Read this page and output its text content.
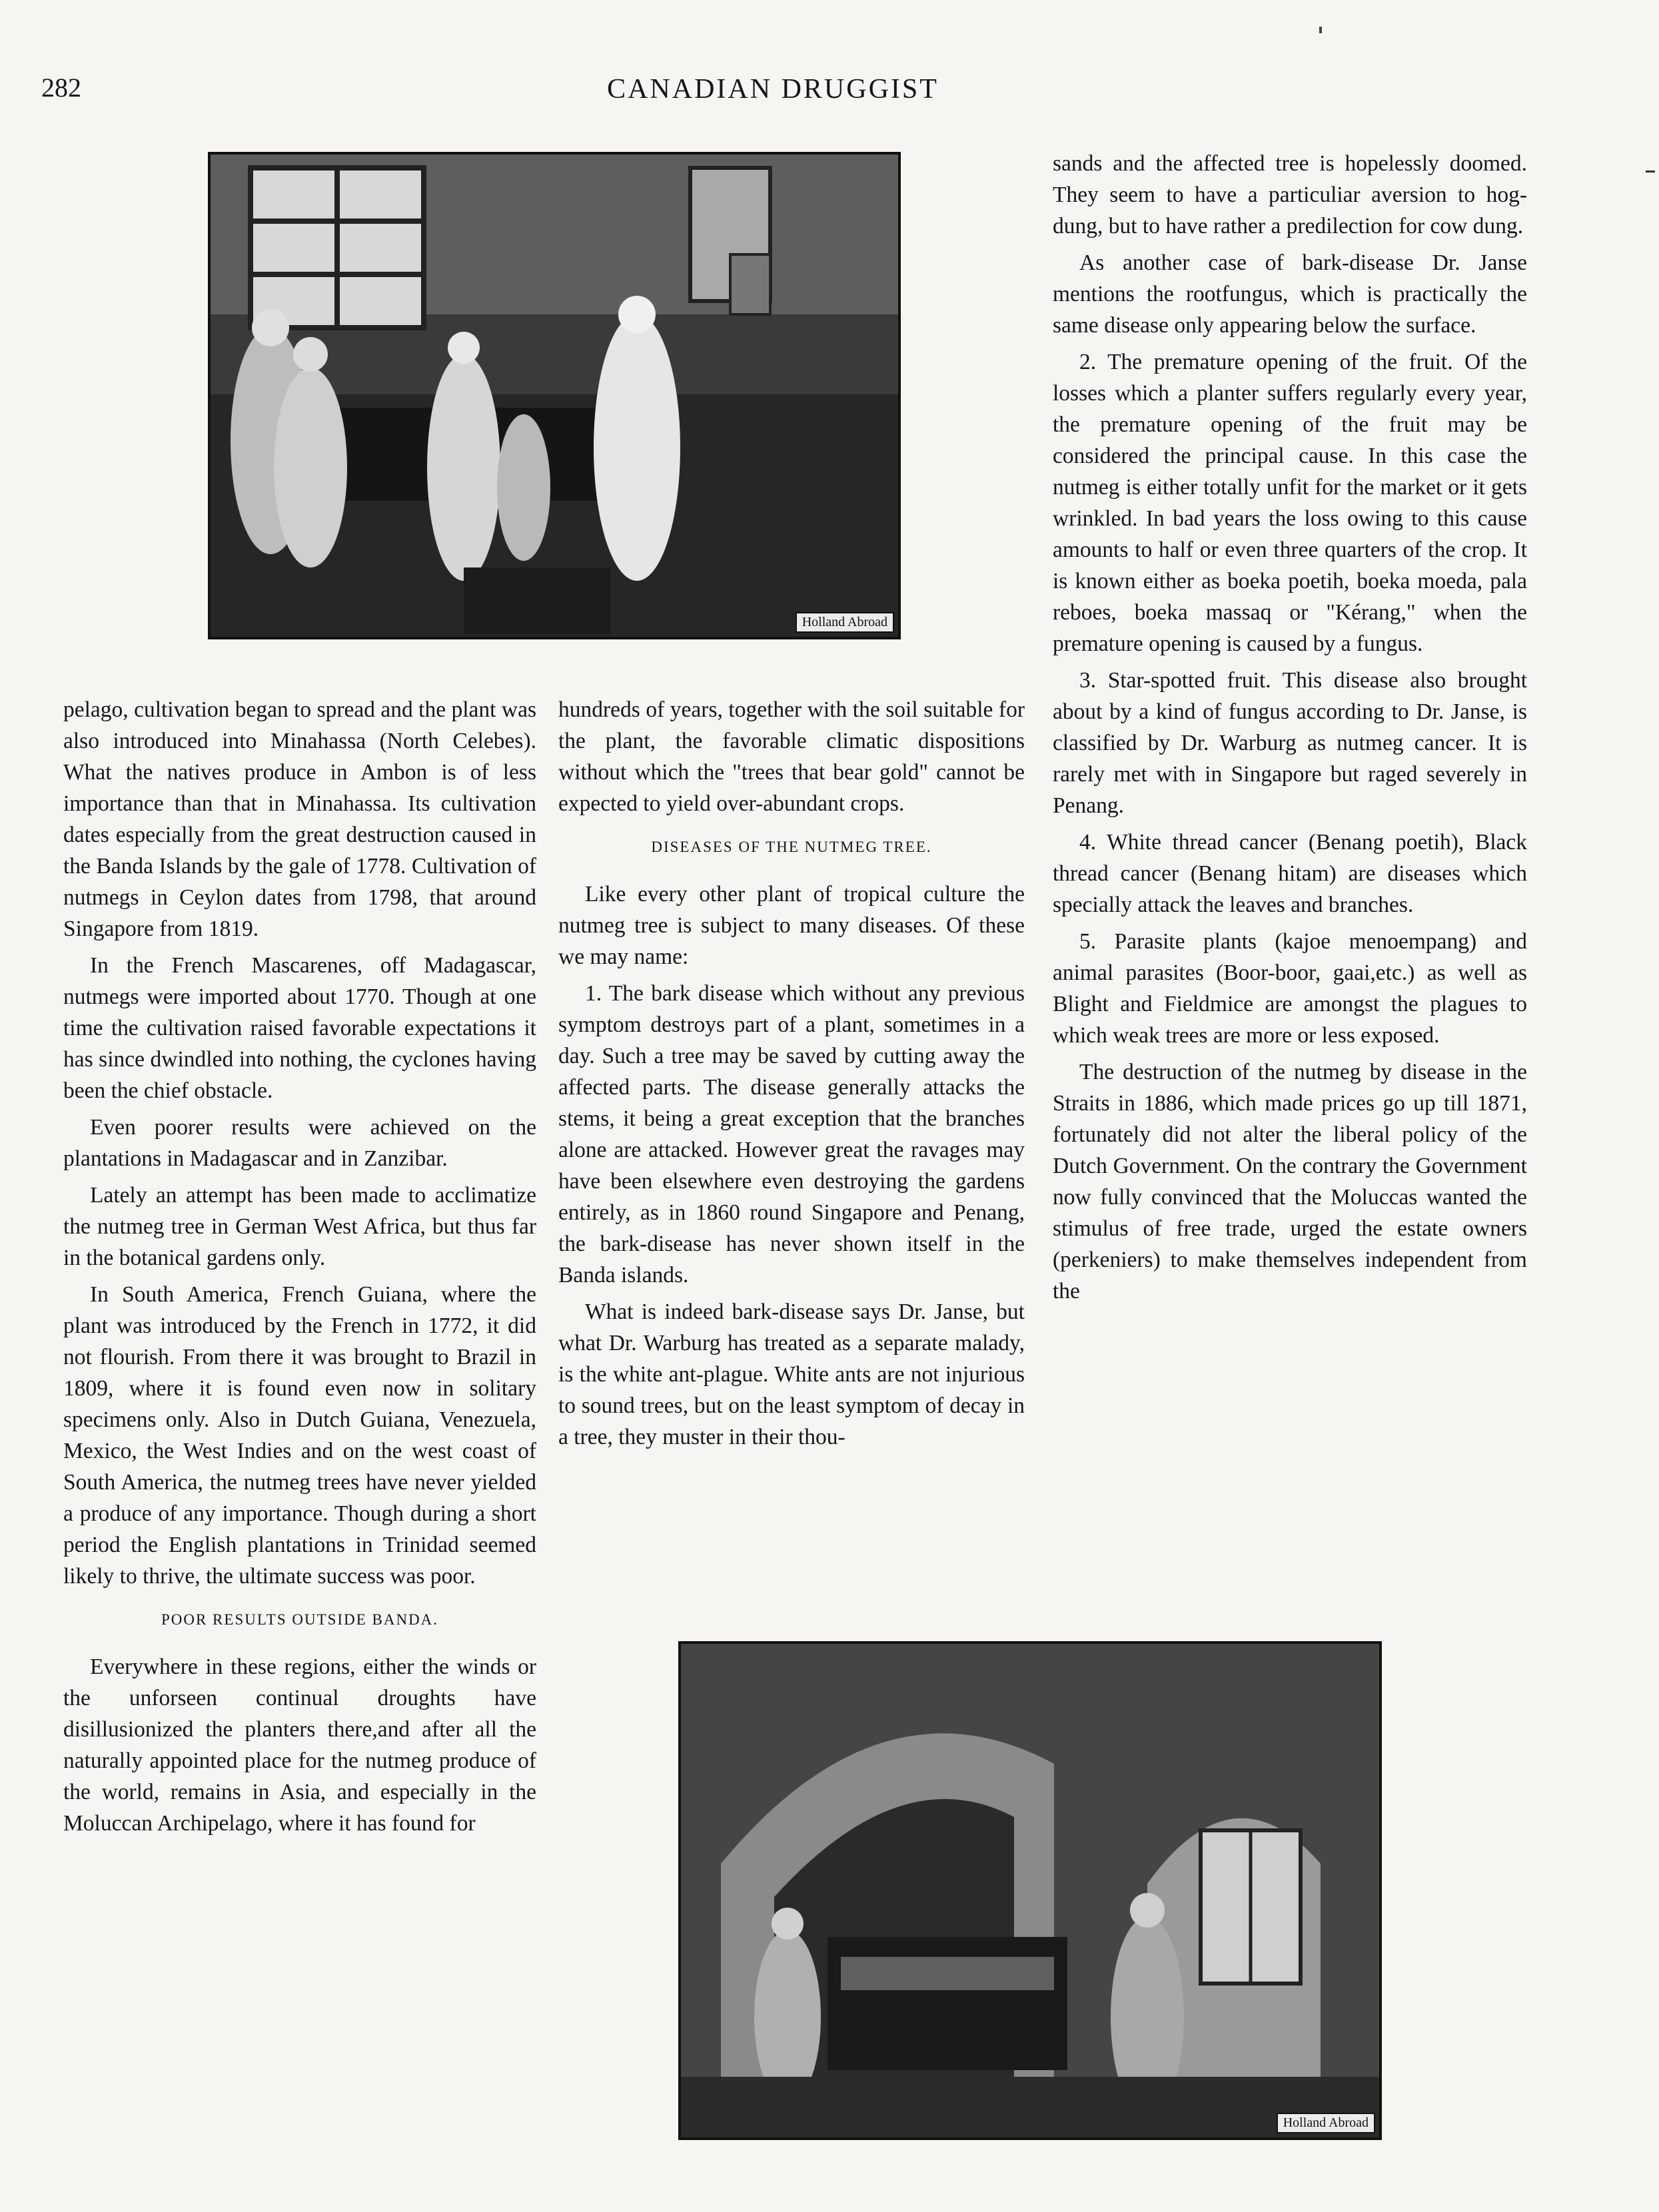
282	CANADIAN DRUGGIST
Holland Abroad

pelago, cultivation began to spread and the plant was also introduced into Minahassa (North Celebes). What the natives produce in Ambon is of less importance than that in Minahassa. Its cultivation dates especially from the great destruction caused in the Banda Islands by the gale of 1778. Cultivation of nutmegs in Ceylon dates from 1798, that around Singapore from 1819.

In the French Mascarenes, off Madagascar, nutmegs were imported about 1770. Though at one time the cultivation raised favorable expectations it has since dwindled into nothing, the cyclones having been the chief obstacle.

Even poorer results were achieved on the plantations in Madagascar and in Zanzibar.

Lately an attempt has been made to acclimatize the nutmeg tree in German West Africa, but thus far in the botanical gardens only.

In South America, French Guiana, where the plant was introduced by the French in 1772, it did not flourish. From there it was brought to Brazil in 1809, where it is found even now in solitary specimens only. Also in Dutch Guiana, Venezuela, Mexico, the West Indies and on the west coast of South America, the nutmeg trees have never yielded a produce of any importance. Though during a short period the English plantations in Trinidad seemed likely to thrive, the ultimate success was poor.

POOR RESULTS OUTSIDE BANDA.

Everywhere in these regions, either the winds or the unforseen continual droughts have disillusionized the planters there,and after all the naturally appointed place for the nutmeg produce of the world, remains in Asia, and especially in the Moluccan Archipelago, where it has found for

hundreds of years, together with the soil suitable for the plant, the favorable climatic dispositions without which the "trees that bear gold" cannot be expected to yield over-abundant crops.

DISEASES OF THE NUTMEG TREE.

Like every other plant of tropical culture the nutmeg tree is subject to many diseases. Of these we may name:

1. The bark disease which without any previous symptom destroys part of a plant, sometimes in a day. Such a tree may be saved by cutting away the affected parts. The disease generally attacks the stems, it being a great exception that the branches alone are attacked. However great the ravages may have been elsewhere even destroying the gardens entirely, as in 1860 round Singapore and Penang, the bark-disease has never shown itself in the Banda islands.

What is indeed bark-disease says Dr. Janse, but what Dr. Warburg has treated as a separate malady, is the white ant-plague. White ants are not injurious to sound trees, but on the least symptom of decay in a tree, they muster in their thou-

sands and the affected tree is hopelessly doomed. They seem to have a particuliar aversion to hog-dung, but to have rather a predilection for cow dung.

As another case of bark-disease Dr. Janse mentions the rootfungus, which is practically the same disease only appearing below the surface.

2. The premature opening of the fruit. Of the losses which a planter suffers regularly every year, the premature opening of the fruit may be considered the principal cause. In this case the nutmeg is either totally unfit for the market or it gets wrinkled. In bad years the loss owing to this cause amounts to half or even three quarters of the crop. It is known either as boeka poetih, boeka moeda, pala reboes, boeka massaq or "Kérang," when the premature opening is caused by a fungus.

3. Star-spotted fruit. This disease also brought about by a kind of fungus according to Dr. Janse, is classified by Dr. Warburg as nutmeg cancer. It is rarely met with in Singapore but raged severely in Penang.

4. White thread cancer (Benang poetih), Black thread cancer (Benang hitam) are diseases which specially attack the leaves and branches.

5. Parasite plants (kajoe menoempang) and animal parasites (Boor-boor, gaai,etc.) as well as Blight and Fieldmice are amongst the plagues to which weak trees are more or less exposed.

The destruction of the nutmeg by disease in the Straits in 1886, which made prices go up till 1871, fortunately did not alter the liberal policy of the Dutch Government. On the contrary the Government now fully convinced that the Moluccas wanted the stimulus of free trade, urged the estate owners (perkeniers) to make themselves independent from the

Holland Abroad
